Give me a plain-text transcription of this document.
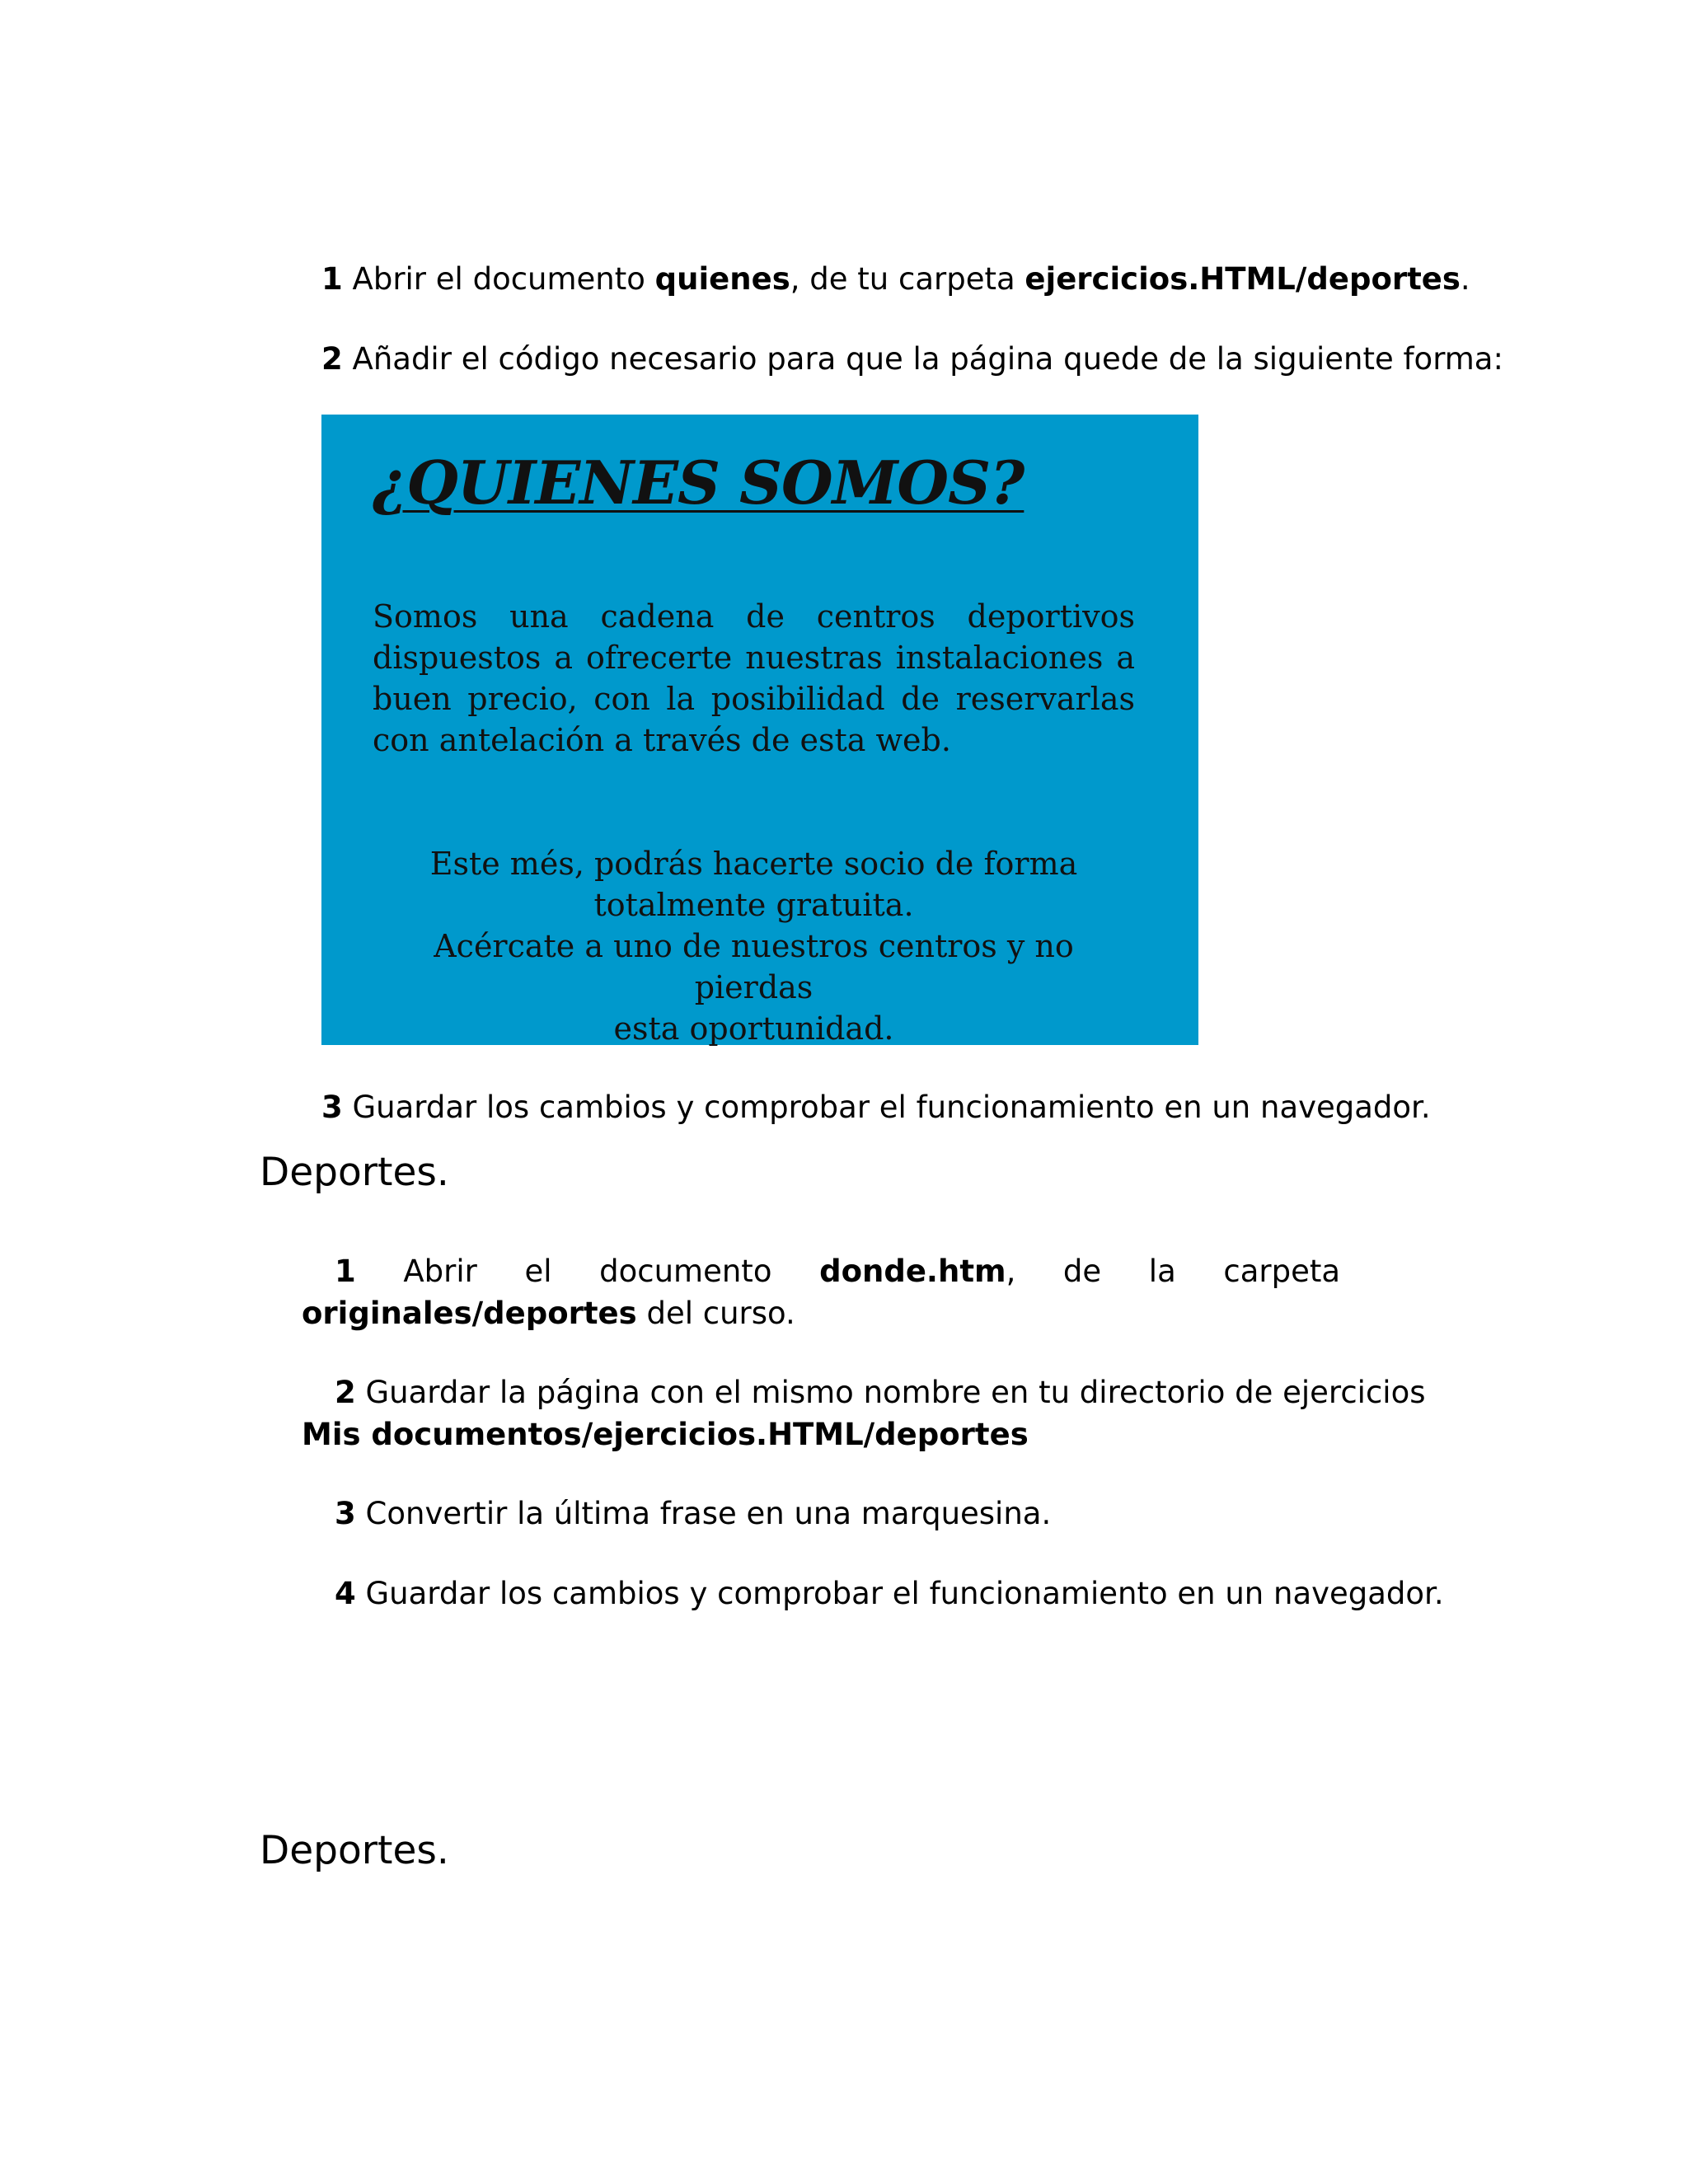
1 Abrir el documento quienes, de tu carpeta ejercicios.HTML/deportes.

2 Añadir el código necesario para que la página quede de la siguiente forma:

¿QUIENES SOMOS?

Somos una cadena de centros deportivos dispuestos a ofrecerte nuestras instalaciones a buen precio, con la posibilidad de reservarlas con antelación a través de esta web.

Este més, podrás hacerte socio de forma
totalmente gratuita.
Acércate a uno de nuestros centros y no pierdas
esta oportunidad.

3 Guardar los cambios y comprobar el funcionamiento en un navegador.

Deportes.

1 Abrir el documento donde.htm, de la carpeta originales/deportes del curso.

2 Guardar la página con el mismo nombre en tu directorio de ejercicios
Mis documentos/ejercicios.HTML/deportes

3 Convertir la última frase en una marquesina.

4 Guardar los cambios y comprobar el funcionamiento en un navegador.

Deportes.
